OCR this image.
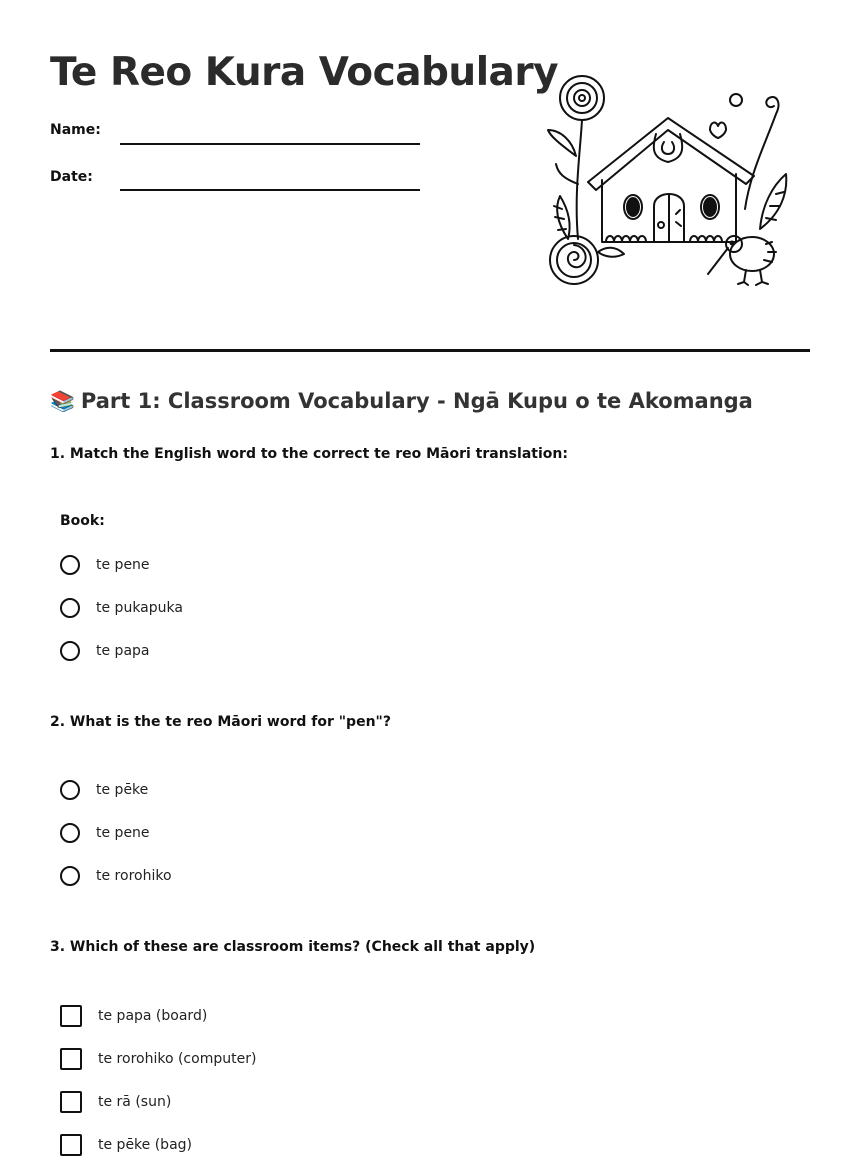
Te Reo Kura Vocabulary
Name:
Date:
📚 Part 1: Classroom Vocabulary - Ngā Kupu o te Akomanga
1. Match the English word to the correct te reo Māori translation:
Book:
te pene
te pukapuka
te papa
2. What is the te reo Māori word for "pen"?
te pēke
te pene
te rorohiko
3. Which of these are classroom items? (Check all that apply)
te papa (board)
te rorohiko (computer)
te rā (sun)
te pēke (bag)
